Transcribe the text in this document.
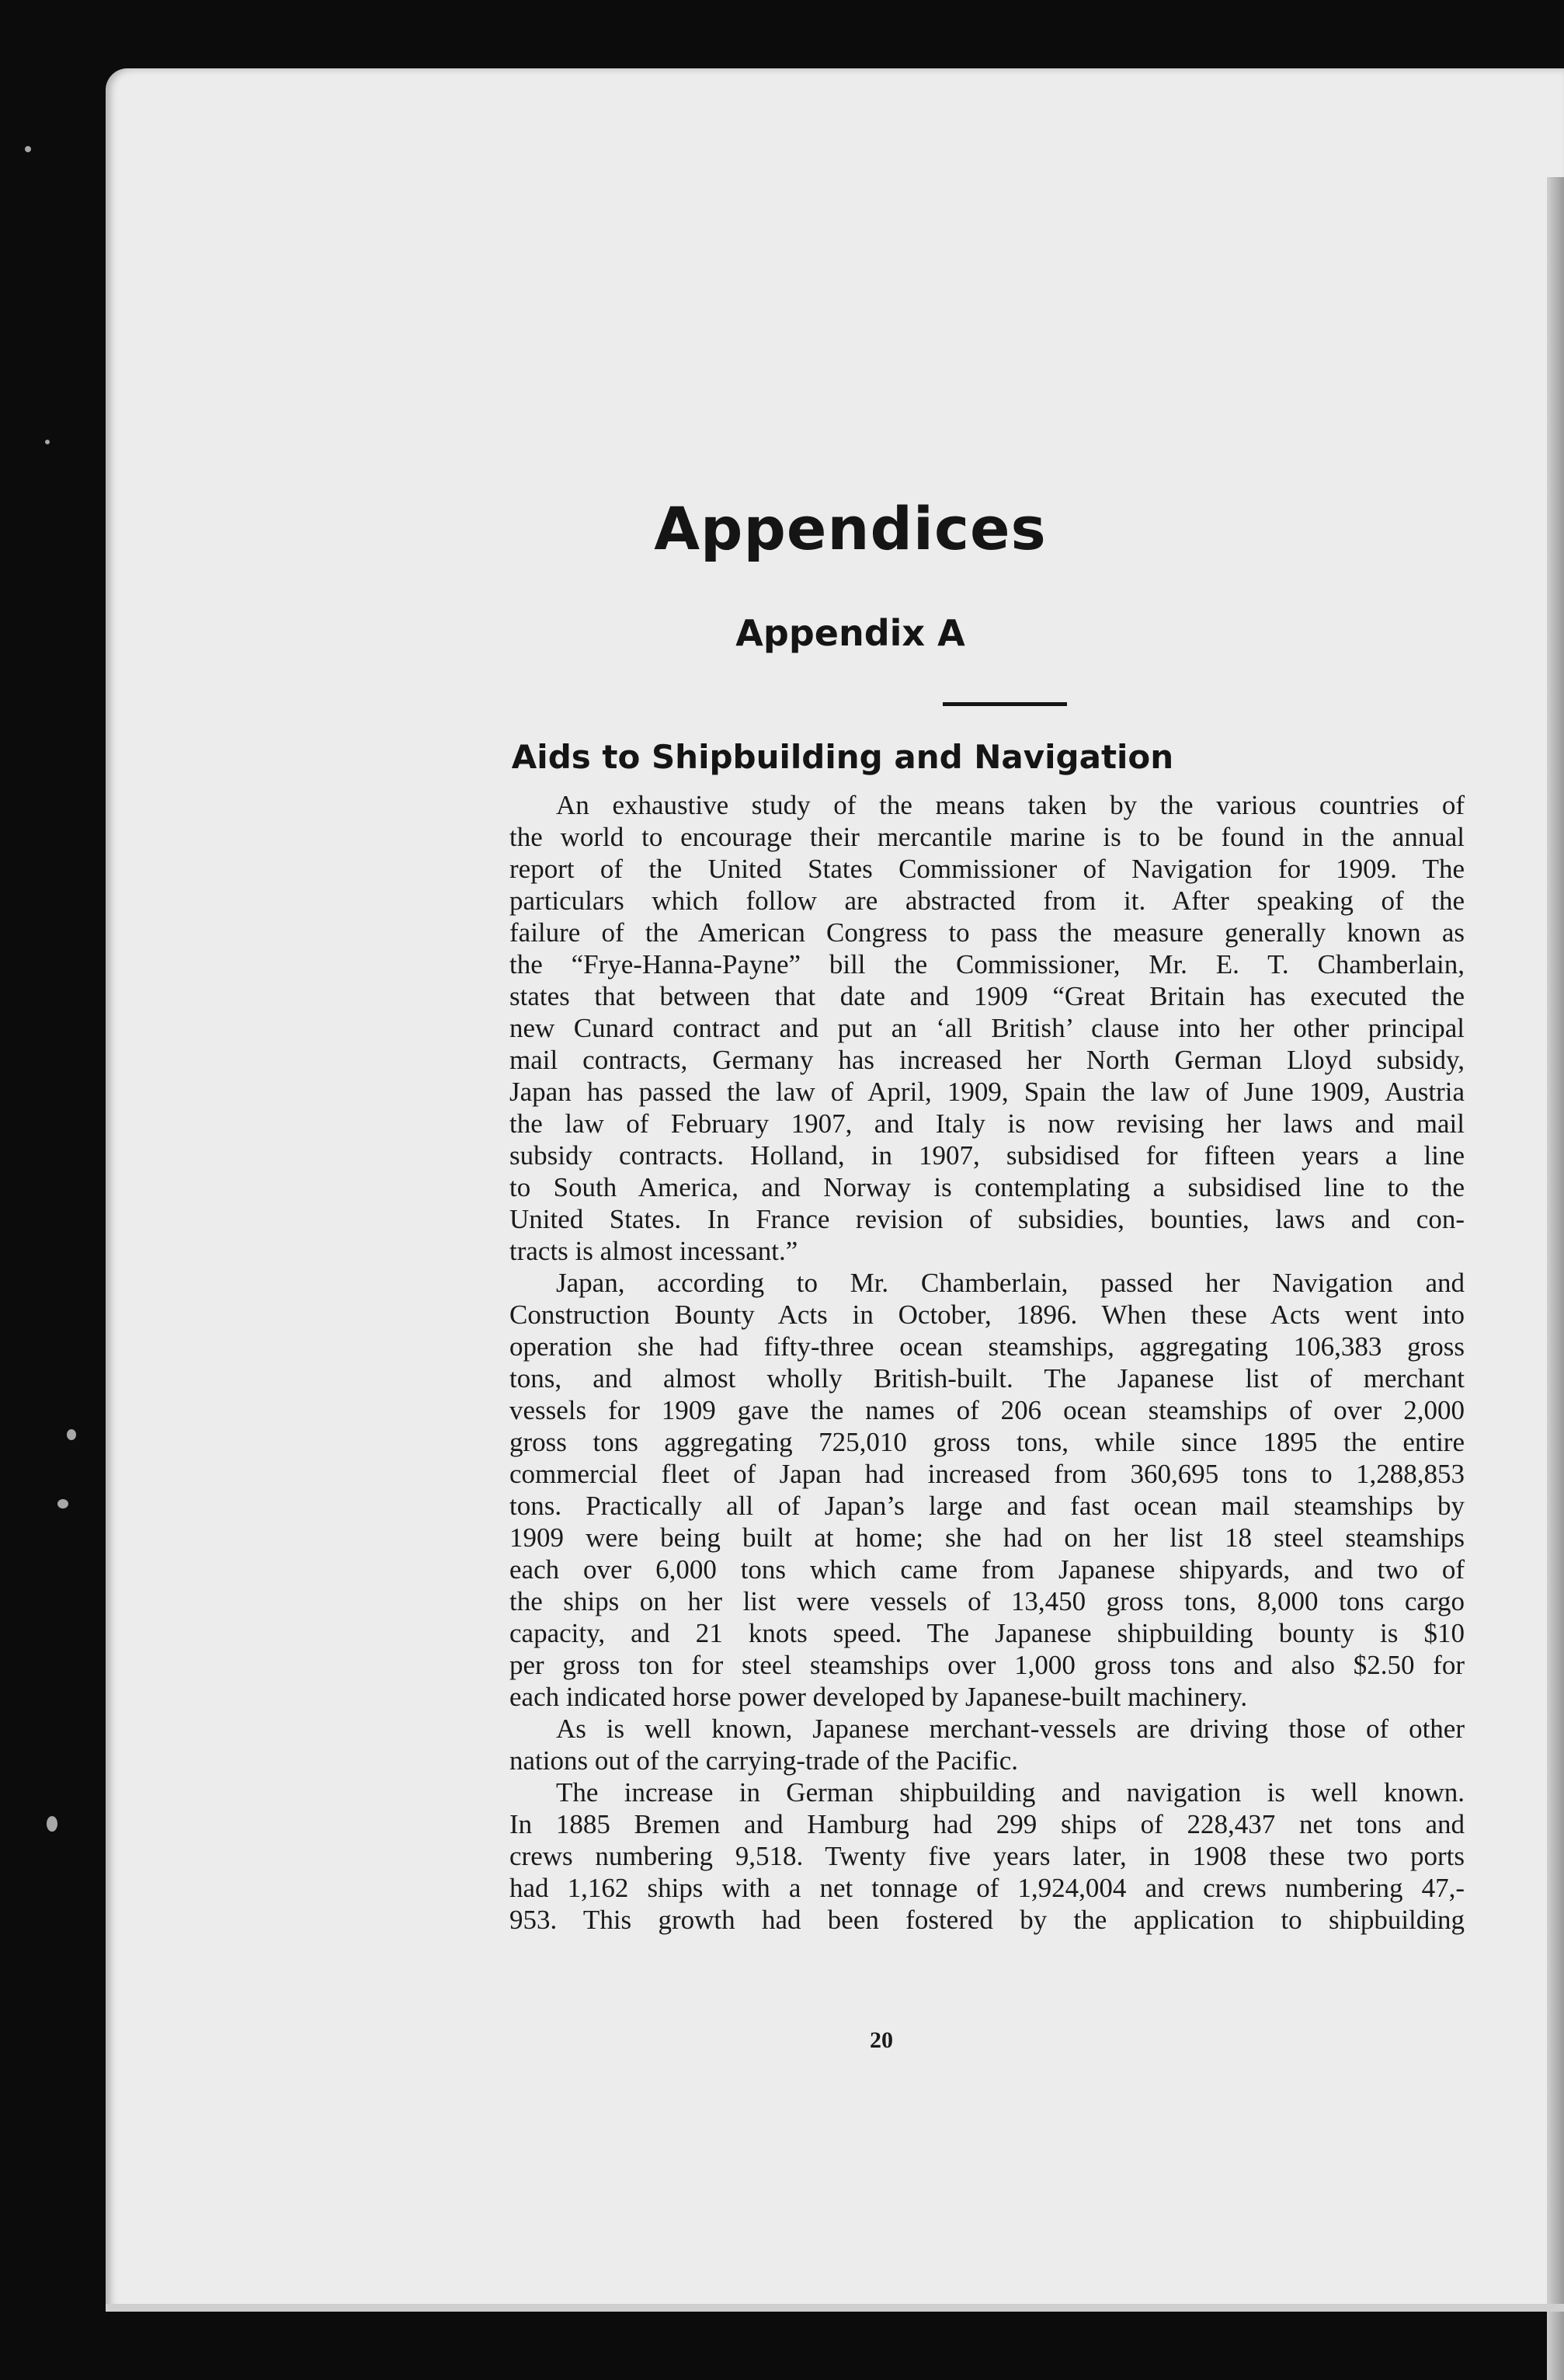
Appendices
Appendix A
Aids to Shipbuilding and Navigation
An exhaustive study of the means taken by the various countries of
the world to encourage their mercantile marine is to be found in the annual
report of the United States Commissioner of Navigation for 1909. The
particulars which follow are abstracted from it. After speaking of the
failure of the American Congress to pass the measure generally known as
the “Frye-Hanna-Payne” bill the Commissioner, Mr. E. T. Chamberlain,
states that between that date and 1909 “Great Britain has executed the
new Cunard contract and put an ‘all British’ clause into her other principal
mail contracts, Germany has increased her North German Lloyd subsidy,
Japan has passed the law of April, 1909, Spain the law of June 1909, Austria
the law of February 1907, and Italy is now revising her laws and mail
subsidy contracts. Holland, in 1907, subsidised for fifteen years a line
to South America, and Norway is contemplating a subsidised line to the
United States. In France revision of subsidies, bounties, laws and con-
tracts is almost incessant.”
Japan, according to Mr. Chamberlain, passed her Navigation and
Construction Bounty Acts in October, 1896. When these Acts went into
operation she had fifty-three ocean steamships, aggregating 106,383 gross
tons, and almost wholly British-built. The Japanese list of merchant
vessels for 1909 gave the names of 206 ocean steamships of over 2,000
gross tons aggregating 725,010 gross tons, while since 1895 the entire
commercial fleet of Japan had increased from 360,695 tons to 1,288,853
tons. Practically all of Japan’s large and fast ocean mail steamships by
1909 were being built at home; she had on her list 18 steel steamships
each over 6,000 tons which came from Japanese shipyards, and two of
the ships on her list were vessels of 13,450 gross tons, 8,000 tons cargo
capacity, and 21 knots speed. The Japanese shipbuilding bounty is $10
per gross ton for steel steamships over 1,000 gross tons and also $2.50 for
each indicated horse power developed by Japanese-built machinery.
As is well known, Japanese merchant-vessels are driving those of other
nations out of the carrying-trade of the Pacific.
The increase in German shipbuilding and navigation is well known.
In 1885 Bremen and Hamburg had 299 ships of 228,437 net tons and
crews numbering 9,518. Twenty five years later, in 1908 these two ports
had 1,162 ships with a net tonnage of 1,924,004 and crews numbering 47,-
953. This growth had been fostered by the application to shipbuilding
20
